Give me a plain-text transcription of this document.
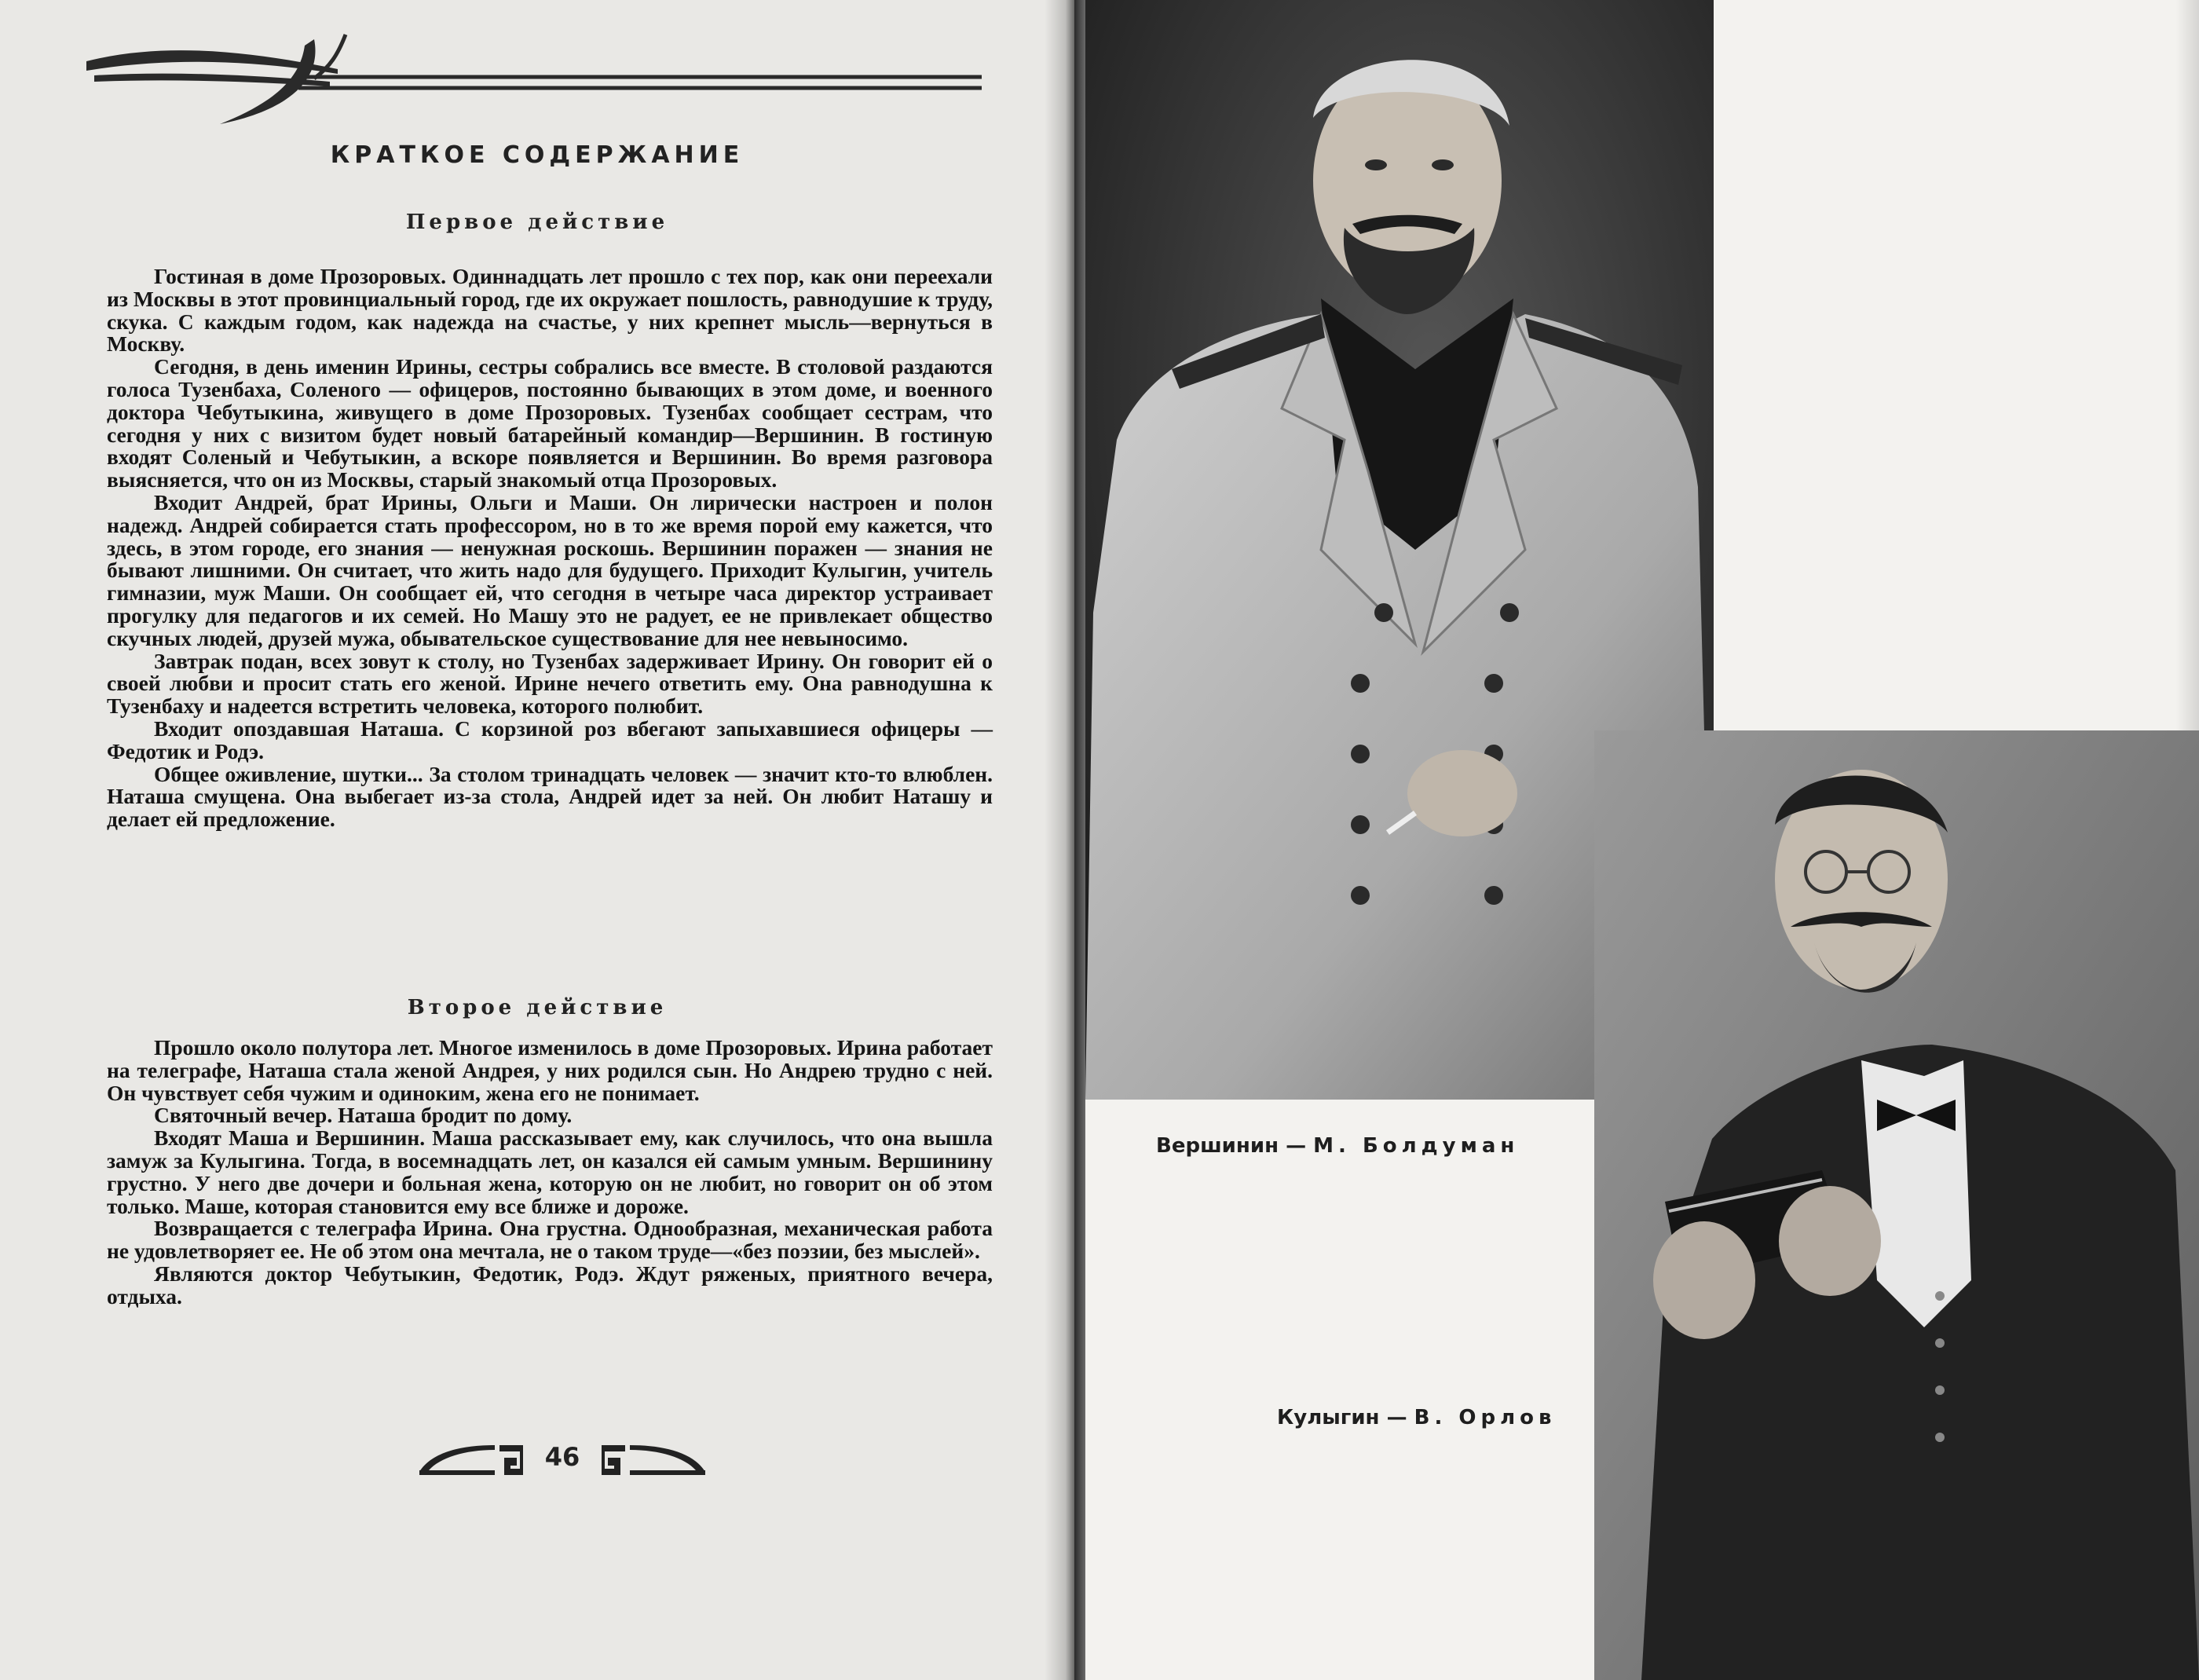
КРАТКОЕ СОДЕРЖАНИЕ
Первое действие

Гостиная в доме Прозоровых. Одиннадцать лет прошло с тех пор, как они переехали из Москвы в этот провинциальный город, где их окружает пошлость, равнодушие к труду, скука. С каждым годом, как надежда на счастье, у них крепнет мысль—вернуться в Москву.

Сегодня, в день именин Ирины, сестры собрались все вместе. В столовой раздаются голоса Тузенбаха, Соленого — офицеров, постоянно бывающих в этом доме, и военного доктора Чебутыкина, живущего в доме Прозоровых. Тузенбах сообщает сестрам, что сегодня у них с визитом будет новый батарейный командир—Вершинин. В гостиную входят Соленый и Чебутыкин, а вскоре появляется и Вершинин. Во время разговора выясняется, что он из Москвы, старый знакомый отца Прозоровых.

Входит Андрей, брат Ирины, Ольги и Маши. Он лирически настроен и полон надежд. Андрей собирается стать профессором, но в то же время порой ему кажется, что здесь, в этом городе, его знания — ненужная роскошь. Вершинин поражен — знания не бывают лишними. Он считает, что жить надо для будущего. Приходит Кулыгин, учитель гимназии, муж Маши. Он сообщает ей, что сегодня в четыре часа директор устраивает прогулку для педагогов и их семей. Но Машу это не радует, ее не привлекает общество скучных людей, друзей мужа, обывательское существование для нее невыносимо.

Завтрак подан, всех зовут к столу, но Тузенбах задерживает Ирину. Он говорит ей о своей любви и просит стать его женой. Ирине нечего ответить ему. Она равнодушна к Тузенбаху и надеется встретить человека, которого полюбит.

Входит опоздавшая Наташа. С корзиной роз вбегают запыхавшиеся офицеры — Федотик и Родэ.

Общее оживление, шутки... За столом тринадцать человек — значит кто-то влюблен. Наташа смущена. Она выбегает из-за стола, Андрей идет за ней. Он любит Наташу и делает ей предложение.

Второе действие

Прошло около полутора лет. Многое изменилось в доме Прозоровых. Ирина работает на телеграфе, Наташа стала женой Андрея, у них родился сын. Но Андрею трудно с ней. Он чувствует себя чужим и одиноким, жена его не понимает.

Святочный вечер. Наташа бродит по дому.

Входят Маша и Вершинин. Маша рассказывает ему, как случилось, что она вышла замуж за Кулыгина. Тогда, в восемнадцать лет, он казался ей самым умным. Вершинину грустно. У него две дочери и больная жена, которую он не любит, но говорит он об этом только. Маше, которая становится ему все ближе и дороже.

Возвращается с телеграфа Ирина. Она грустна. Однообразная, механическая работа не удовлетворяет ее. Не об этом она мечтала, не о таком труде—«без поэзии, без мыслей».

Являются доктор Чебутыкин, Федотик, Родэ. Ждут ряженых, приятного вечера, отдыха.

46
Вершинин — М. Болдуман
Кулыгин — В. Орлов
